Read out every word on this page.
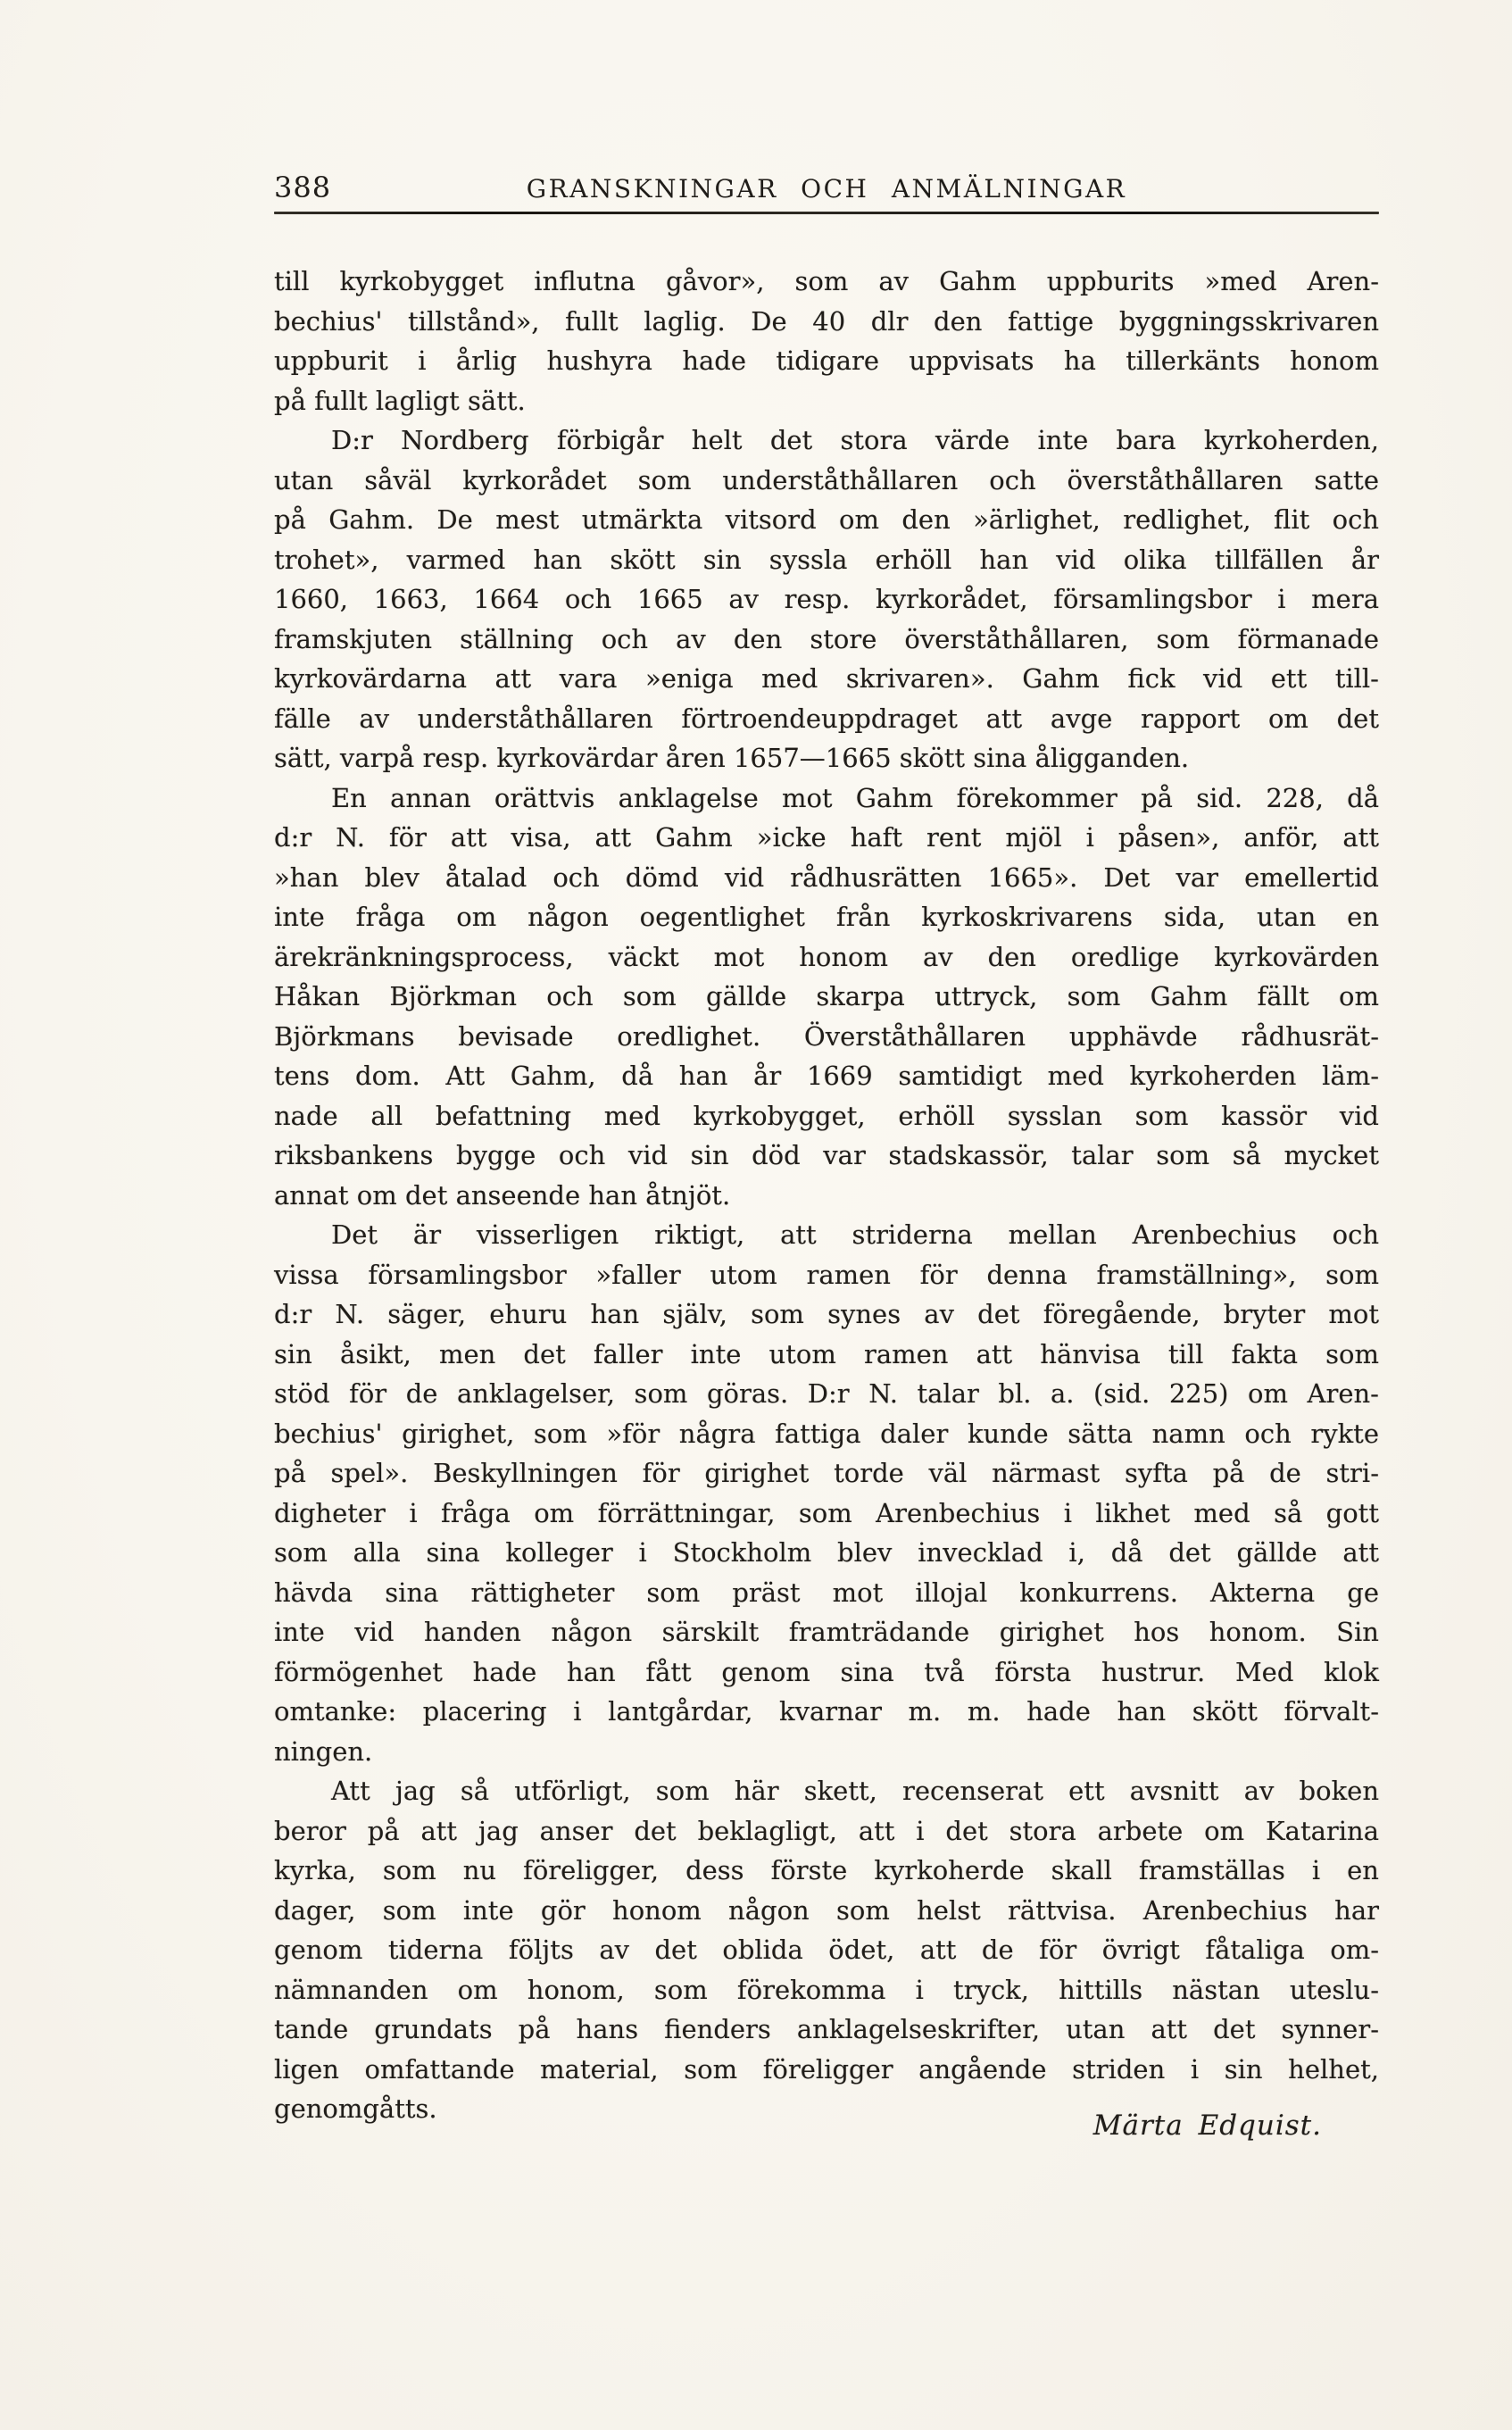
388	GRANSKNINGAR OCH ANMÄLNINGAR
till kyrkobygget influtna gåvor», som av Gahm uppburits »med Aren-
bechius' tillstånd», fullt laglig. De 40 dlr den fattige byggningsskrivaren
uppburit i årlig hushyra hade tidigare uppvisats ha tillerkänts honom
på fullt lagligt sätt.
D:r Nordberg förbigår helt det stora värde inte bara kyrkoherden,
utan såväl kyrkorådet som underståthållaren och överståthållaren satte
på Gahm. De mest utmärkta vitsord om den »ärlighet, redlighet, flit och
trohet», varmed han skött sin syssla erhöll han vid olika tillfällen år
1660, 1663, 1664 och 1665 av resp. kyrkorådet, församlingsbor i mera
framskjuten ställning och av den store överståthållaren, som förmanade
kyrkovärdarna att vara »eniga med skrivaren». Gahm fick vid ett till-
fälle av underståthållaren förtroendeuppdraget att avge rapport om det
sätt, varpå resp. kyrkovärdar åren 1657—1665 skött sina åligganden.
En annan orättvis anklagelse mot Gahm förekommer på sid. 228, då
d:r N. för att visa, att Gahm »icke haft rent mjöl i påsen», anför, att
»han blev åtalad och dömd vid rådhusrätten 1665». Det var emellertid
inte fråga om någon oegentlighet från kyrkoskrivarens sida, utan en
ärekränkningsprocess, väckt mot honom av den oredlige kyrkovärden
Håkan Björkman och som gällde skarpa uttryck, som Gahm fällt om
Björkmans bevisade oredlighet. Överståthållaren upphävde rådhusrät-
tens dom. Att Gahm, då han år 1669 samtidigt med kyrkoherden läm-
nade all befattning med kyrkobygget, erhöll sysslan som kassör vid
riksbankens bygge och vid sin död var stadskassör, talar som så mycket
annat om det anseende han åtnjöt.
Det är visserligen riktigt, att striderna mellan Arenbechius och
vissa församlingsbor »faller utom ramen för denna framställning», som
d:r N. säger, ehuru han själv, som synes av det föregående, bryter mot
sin åsikt, men det faller inte utom ramen att hänvisa till fakta som
stöd för de anklagelser, som göras. D:r N. talar bl. a. (sid. 225) om Aren-
bechius' girighet, som »för några fattiga daler kunde sätta namn och rykte
på spel». Beskyllningen för girighet torde väl närmast syfta på de stri-
digheter i fråga om förrättningar, som Arenbechius i likhet med så gott
som alla sina kolleger i Stockholm blev invecklad i, då det gällde att
hävda sina rättigheter som präst mot illojal konkurrens. Akterna ge
inte vid handen någon särskilt framträdande girighet hos honom. Sin
förmögenhet hade han fått genom sina två första hustrur. Med klok
omtanke: placering i lantgårdar, kvarnar m. m. hade han skött förvalt-
ningen.
Att jag så utförligt, som här skett, recenserat ett avsnitt av boken
beror på att jag anser det beklagligt, att i det stora arbete om Katarina
kyrka, som nu föreligger, dess förste kyrkoherde skall framställas i en
dager, som inte gör honom någon som helst rättvisa. Arenbechius har
genom tiderna följts av det oblida ödet, att de för övrigt fåtaliga om-
nämnanden om honom, som förekomma i tryck, hittills nästan uteslu-
tande grundats på hans fienders anklagelseskrifter, utan att det synner-
ligen omfattande material, som föreligger angående striden i sin helhet,
genomgåtts.
Märta Edquist.
